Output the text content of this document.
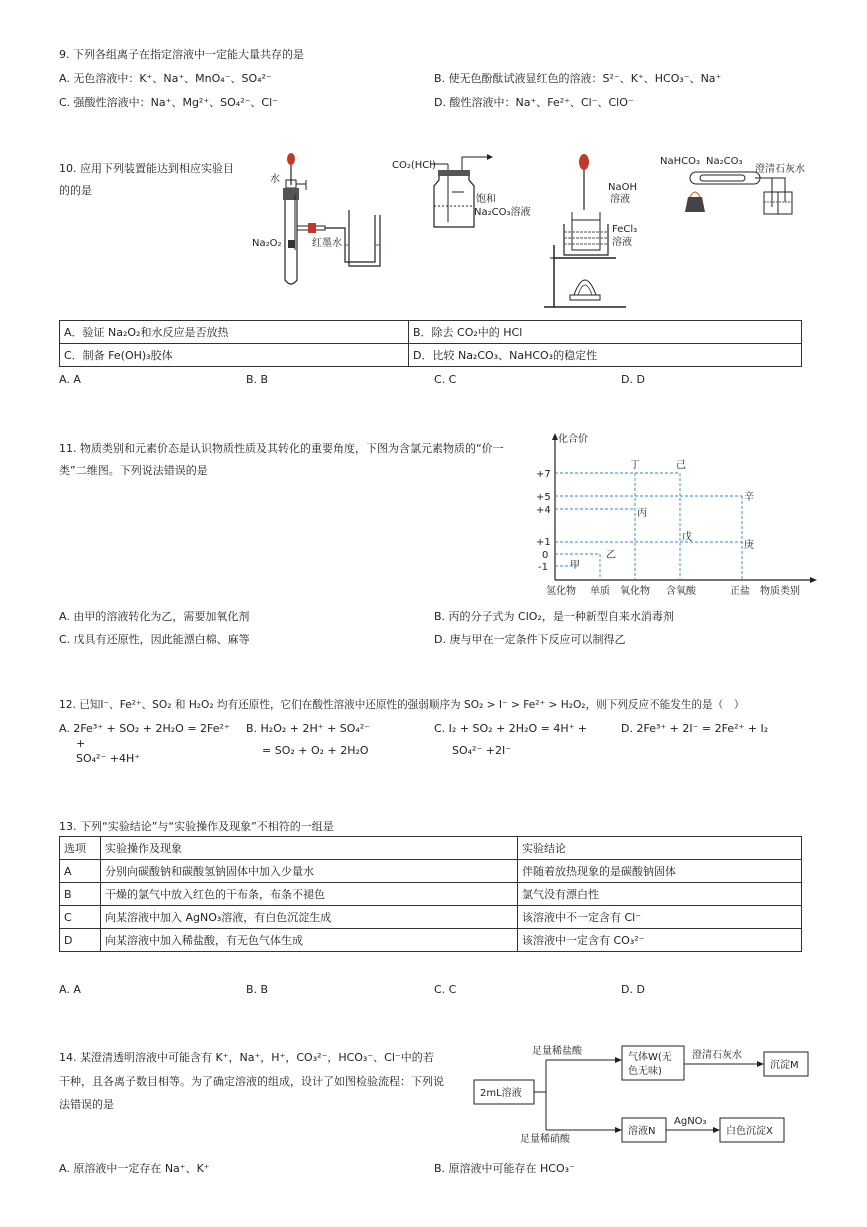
9. 下列各组离子在指定溶液中一定能大量共存的是
A. 无色溶液中：K⁺、Na⁺、MnO₄⁻、SO₄²⁻	B. 使无色酚酞试液显红色的溶液：S²⁻、K⁺、HCO₃⁻、Na⁺
C. 强酸性溶液中：Na⁺、Mg²⁺、SO₄²⁻、Cl⁻	D. 酸性溶液中：Na⁺、Fe²⁺、Cl⁻、ClO⁻
10. 应用下列装置能达到相应实验目
的的是
水
Na₂O₂	红墨水
CO₂(HCl)
饱和
Na₂CO₃溶液
NaOH
溶液
FeCl₃
溶液
NaHCO₃ Na₂CO₃
澄清石灰水
A．验证 Na₂O₂和水反应是否放热	B．除去 CO₂中的 HCl
C．制备 Fe(OH)₃胶体	D．比较 Na₂CO₃、NaHCO₃的稳定性
A. A	B. B	C. C	D. D
11. 物质类别和元素价态是认识物质性质及其转化的重要角度，下图为含氯元素物质的“价一
类”二维图。下列说法错误的是
化合价
+7
+5
+4
+1
0
-1 甲
乙
丙
丁
戊
己
庚
辛
氢化物 单质 氧化物 含氧酸	正盐 物质类别
A. 由甲的溶液转化为乙，需要加氧化剂	B. 丙的分子式为 ClO₂，是一种新型自来水消毒剂
C. 戊具有还原性，因此能漂白棉、麻等	D. 庚与甲在一定条件下反应可以制得乙
12. 已知I⁻、Fe²⁺、SO₂ 和 H₂O₂ 均有还原性，它们在酸性溶液中还原性的强弱顺序为 SO₂ > I⁻ > Fe²⁺ > H₂O₂，则下列反应不能发生的是（　）
A. 2Fe³⁺ + SO₂ + 2H₂O = 2Fe²⁺
+
SO₄²⁻ +4H⁺
B. H₂O₂ + 2H⁺ + SO₄²⁻
= SO₂ + O₂ + 2H₂O
C. I₂ + SO₂ + 2H₂O = 4H⁺ +
SO₄²⁻ +2I⁻
D. 2Fe³⁺ + 2I⁻ = 2Fe²⁺ + I₂
13. 下列“实验结论”与“实验操作及现象”不相符的一组是
选项	实验操作及现象	实验结论
A	分别向碳酸钠和碳酸氢钠固体中加入少量水	伴随着放热现象的是碳酸钠固体
B	干燥的氯气中放入红色的干布条，布条不褪色	氯气没有漂白性
C	向某溶液中加入 AgNO₃溶液，有白色沉淀生成	该溶液中不一定含有 Cl⁻
D	向某溶液中加入稀盐酸，有无色气体生成	该溶液中一定含有 CO₃²⁻
A. A	B. B	C. C	D. D
14. 某澄清透明溶液中可能含有 K⁺，Na⁺，H⁺，CO₃²⁻，HCO₃⁻、Cl⁻中的若
干种，且各离子数目相等。为了确定溶液的组成，设计了如图检验流程：下列说
法错误的是
2mL溶液
足量稀盐酸
气体W(无
色无味)
澄清石灰水
沉淀M
足量稀硝酸
溶液N
AgNO₃
白色沉淀X
A. 原溶液中一定存在 Na⁺、K⁺	B. 原溶液中可能存在 HCO₃⁻
